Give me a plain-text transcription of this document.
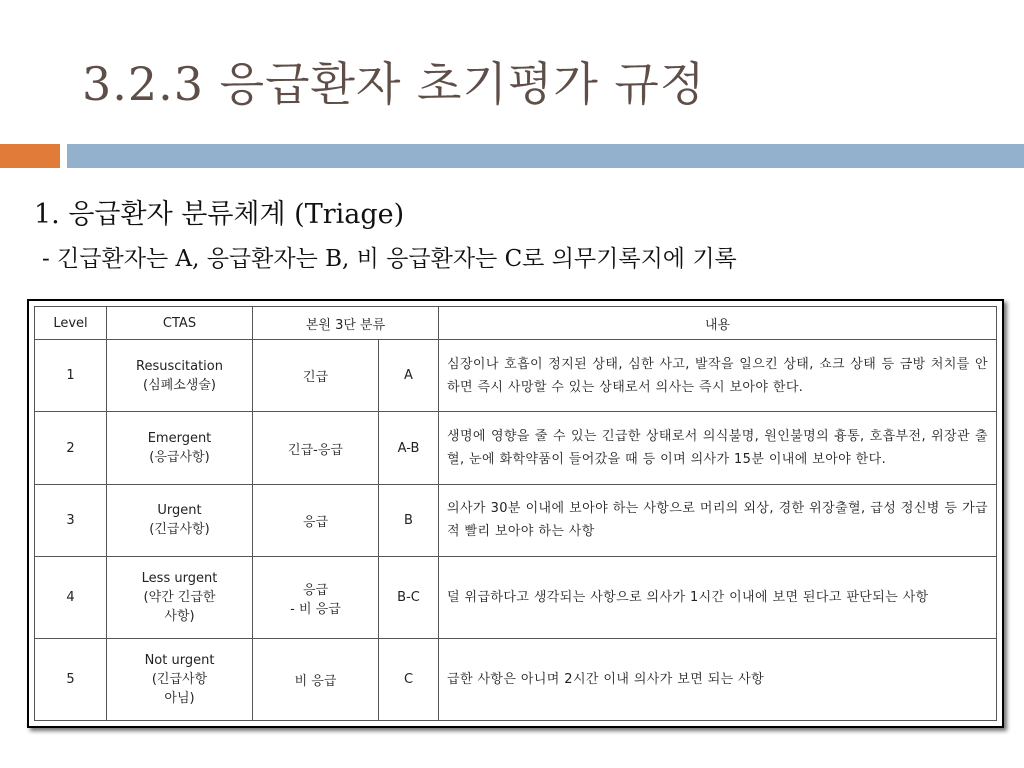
3.2.3 응급환자 초기평가 규정
1. 응급환자 분류체계 (Triage)
- 긴급환자는 A, 응급환자는 B, 비 응급환자는 C로 의무기록지에 기록
Level	CTAS	본원 3단 분류		내용
1	Resuscitation
(심폐소생술)	긴급	A	심장이나 호흡이 정지된 상태, 심한 사고, 발작을 일으킨 상태, 쇼크 상태 등 금방 처치를 안 하면 즉시 사망할 수 있는 상태로서 의사는 즉시 보아야 한다.
2	Emergent
(응급사항)	긴급-응급	A-B	생명에 영향을 줄 수 있는 긴급한 상태로서 의식불명, 원인불명의 흉통, 호흡부전, 위장관 출혈, 눈에 화학약품이 들어갔을 때 등 이며 의사가 15분 이내에 보아야 한다.
3	Urgent
(긴급사항)	응급	B	의사가 30분 이내에 보아야 하는 사항으로 머리의 외상, 경한 위장출혈, 급성 정신병 등 가급적 빨리 보아야 하는 사항
4	Less urgent
(약간 긴급한
사항)	응급
- 비 응급	B-C	덜 위급하다고 생각되는 사항으로 의사가 1시간 이내에 보면 된다고 판단되는 사항
5	Not urgent
(긴급사항
아님)	비 응급	C	급한 사항은 아니며 2시간 이내 의사가 보면 되는 사항
